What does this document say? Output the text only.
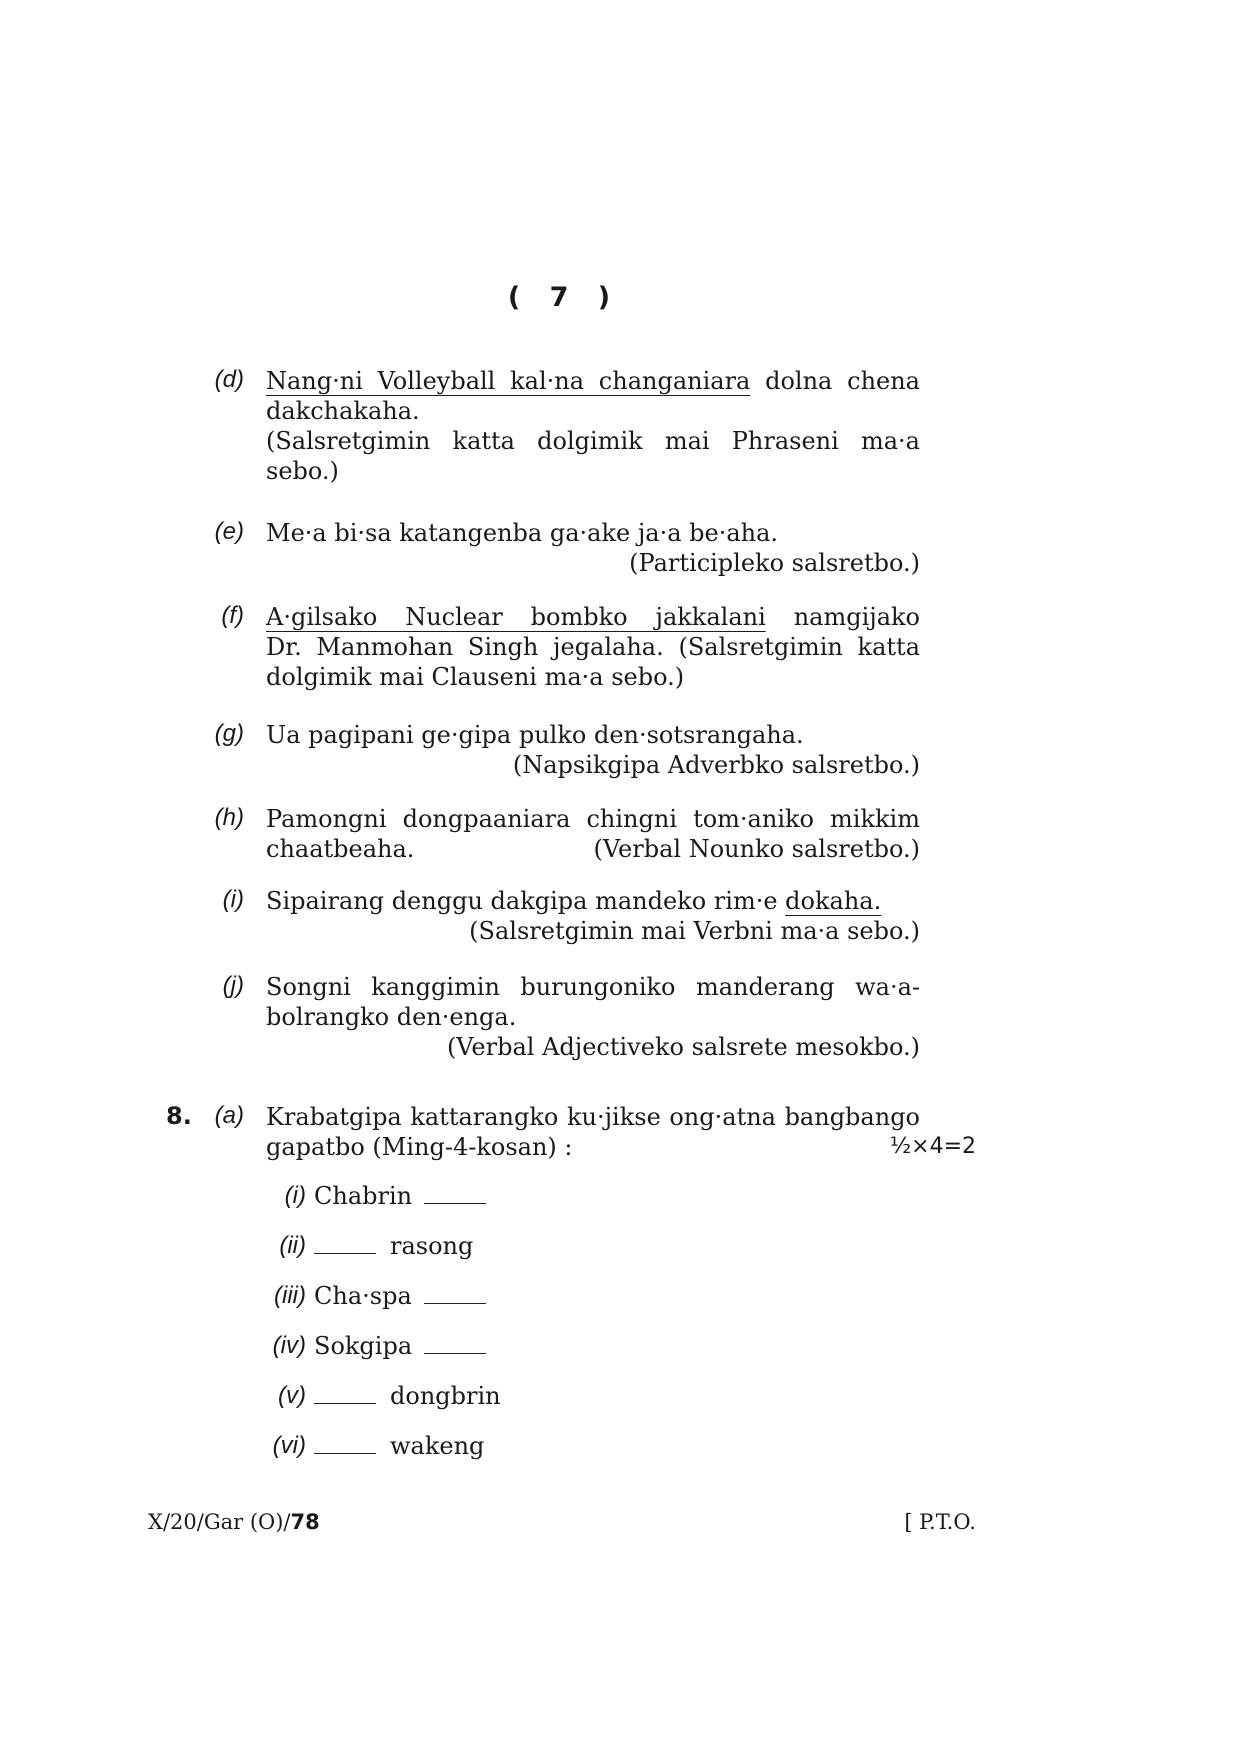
( 7 )
(d) Nang·ni Volleyball kal·na changaniara dolna chena

dakchakaha.

(Salsretgimin katta dolgimik mai Phraseni ma·a

sebo.)

(e) Me·a bi·sa katangenba ga·ake ja·a be·aha.

(Participleko salsretbo.)

(f) A·gilsako Nuclear bombko jakkalani namgijako

Dr. Manmohan Singh jegalaha. (Salsretgimin katta

dolgimik mai Clauseni ma·a sebo.)

(g) Ua pagipani ge·gipa pulko den·sotsrangaha.

(Napsikgipa Adverbko salsretbo.)

(h) Pamongni dongpaaniara chingni tom·aniko mikkim

chaatbeaha.	(Verbal Nounko salsretbo.)

(i) Sipairang denggu dakgipa mandeko rim·e dokaha.

(Salsretgimin mai Verbni ma·a sebo.)

(j) Songni kanggimin burungoniko manderang wa·a-

bolrangko den·enga.

(Verbal Adjectiveko salsrete mesokbo.)

8. (a) Krabatgipa kattarangko ku·jikse ong·atna bangbango

gapatbo (Ming-4-kosan) :	½×4=2
(i) Chabrin
(ii)	rasong
(iii) Cha·spa
(iv) Sokgipa
(v)	dongbrin
(vi)	wakeng
X/20/Gar (O)/78	[ P.T.O.
